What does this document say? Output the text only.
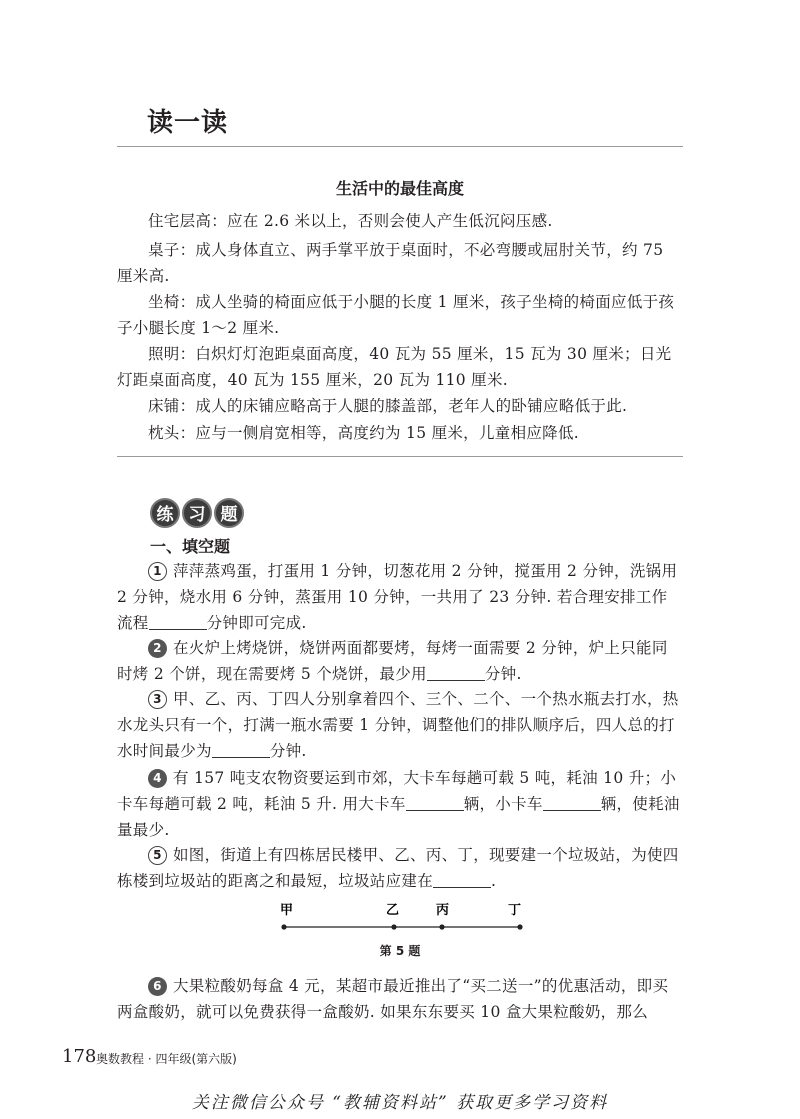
读一读
生活中的最佳高度

住宅层高：应在 2.6 米以上，否则会使人产生低沉闷压感.

桌子：成人身体直立、两手掌平放于桌面时，不必弯腰或屈肘关节，约 75 厘米高.

坐椅：成人坐骑的椅面应低于小腿的长度 1 厘米，孩子坐椅的椅面应低于孩子小腿长度 1～2 厘米.

照明：白炽灯灯泡距桌面高度，40 瓦为 55 厘米，15 瓦为 30 厘米；日光灯距桌面高度，40 瓦为 155 厘米，20 瓦为 110 厘米.

床铺：成人的床铺应略高于人腿的膝盖部，老年人的卧铺应略低于此.

枕头：应与一侧肩宽相等，高度约为 15 厘米，儿童相应降低.

练 习 题
一、填空题

1 萍萍蒸鸡蛋，打蛋用 1 分钟，切葱花用 2 分钟，搅蛋用 2 分钟，洗锅用 2 分钟，烧水用 6 分钟，蒸蛋用 10 分钟，一共用了 23 分钟. 若合理安排工作流程	分钟即可完成.

2 在火炉上烤烧饼，烧饼两面都要烤，每烤一面需要 2 分钟，炉上只能同时烤 2 个饼，现在需要烤 5 个烧饼，最少用	分钟.

3 甲、乙、丙、丁四人分别拿着四个、三个、二个、一个热水瓶去打水，热水龙头只有一个，打满一瓶水需要 1 分钟，调整他们的排队顺序后，四人总的打水时间最少为	分钟.

4 有 157 吨支农物资要运到市郊，大卡车每趟可载 5 吨，耗油 10 升；小卡车每趟可载 2 吨，耗油 5 升. 用大卡车	辆，小卡车	辆，使耗油量最少.

5 如图，街道上有四栋居民楼甲、乙、丙、丁，现要建一个垃圾站，为使四栋楼到垃圾站的距离之和最短，垃圾站应建在	.

甲	乙	丙	丁
第 5 题

6 大果粒酸奶每盒 4 元，某超市最近推出了“买二送一”的优惠活动，即买两盒酸奶，就可以免费获得一盒酸奶. 如果东东要买 10 盒大果粒酸奶，那么

178 奥数教程 · 四年级(第六版)
关注微信公众号 “教辅资料站” 获取更多学习资料
